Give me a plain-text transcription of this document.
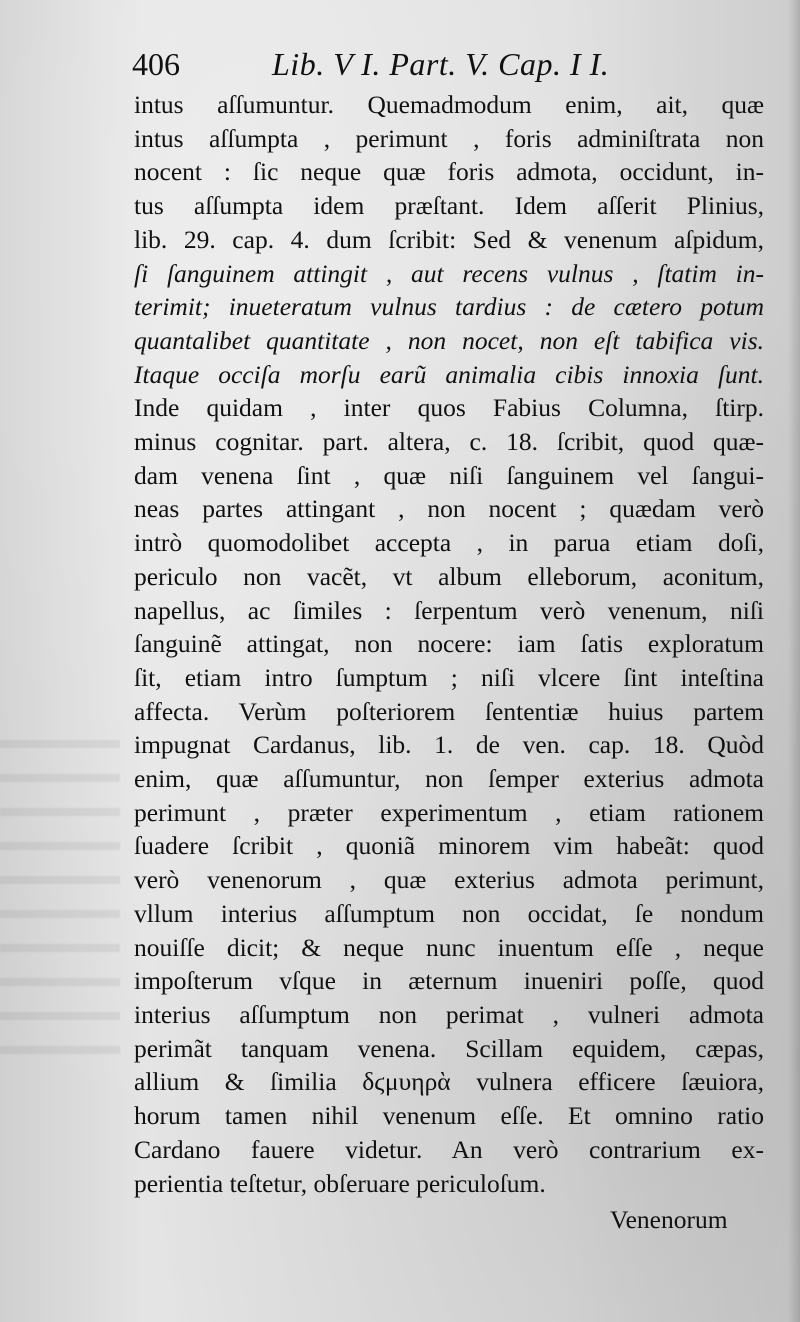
406	Lib. V I. Part. V. Cap. I I.
intus aſſumuntur. Quemadmodum enim, ait, quæ
intus aſſumpta , perimunt , foris adminiſtrata non
nocent : ſic neque quæ foris admota, occidunt, in-
tus aſſumpta idem præſtant. Idem aſſerit Plinius,
lib. 29. cap. 4. dum ſcribit: Sed & venenum aſpidum,
ſi ſanguinem attingit , aut recens vulnus , ſtatim in-
terimit; inueteratum vulnus tardius : de cætero potum
quantalibet quantitate , non nocet, non eſt tabifica vis.
Itaque occiſa morſu earũ animalia cibis innoxia ſunt.
Inde quidam , inter quos Fabius Columna, ſtirp.
minus cognitar. part. altera, c. 18. ſcribit, quod quæ-
dam venena ſint , quæ niſi ſanguinem vel ſangui-
neas partes attingant , non nocent ; quædam verò
intrò quomodolibet accepta , in parua etiam doſi,
periculo non vacẽt, vt album elleborum, aconitum,
napellus, ac ſimiles : ſerpentum verò venenum, niſi
ſanguinẽ attingat, non nocere: iam ſatis exploratum
ſit, etiam intro ſumptum ; niſi vlcere ſint inteſtina
affecta. Verùm poſteriorem ſententiæ huius partem
impugnat Cardanus, lib. 1. de ven. cap. 18. Quòd
enim, quæ aſſumuntur, non ſemper exterius admota
perimunt , præter experimentum , etiam rationem
ſuadere ſcribit , quoniã minorem vim habeãt: quod
verò venenorum , quæ exterius admota perimunt,
vllum interius aſſumptum non occidat, ſe nondum
nouiſſe dicit; & neque nunc inuentum eſſe , neque
impoſterum vſque in æternum inueniri poſſe, quod
interius aſſumptum non perimat , vulneri admota
perimãt tanquam venena. Scillam equidem, cæpas,
allium & ſimilia δϛμυηρὰ vulnera efficere ſæuiora,
horum tamen nihil venenum eſſe. Et omnino ratio
Cardano fauere videtur. An verò contrarium ex-
perientia teſtetur, obſeruare periculoſum.
Venenorum
